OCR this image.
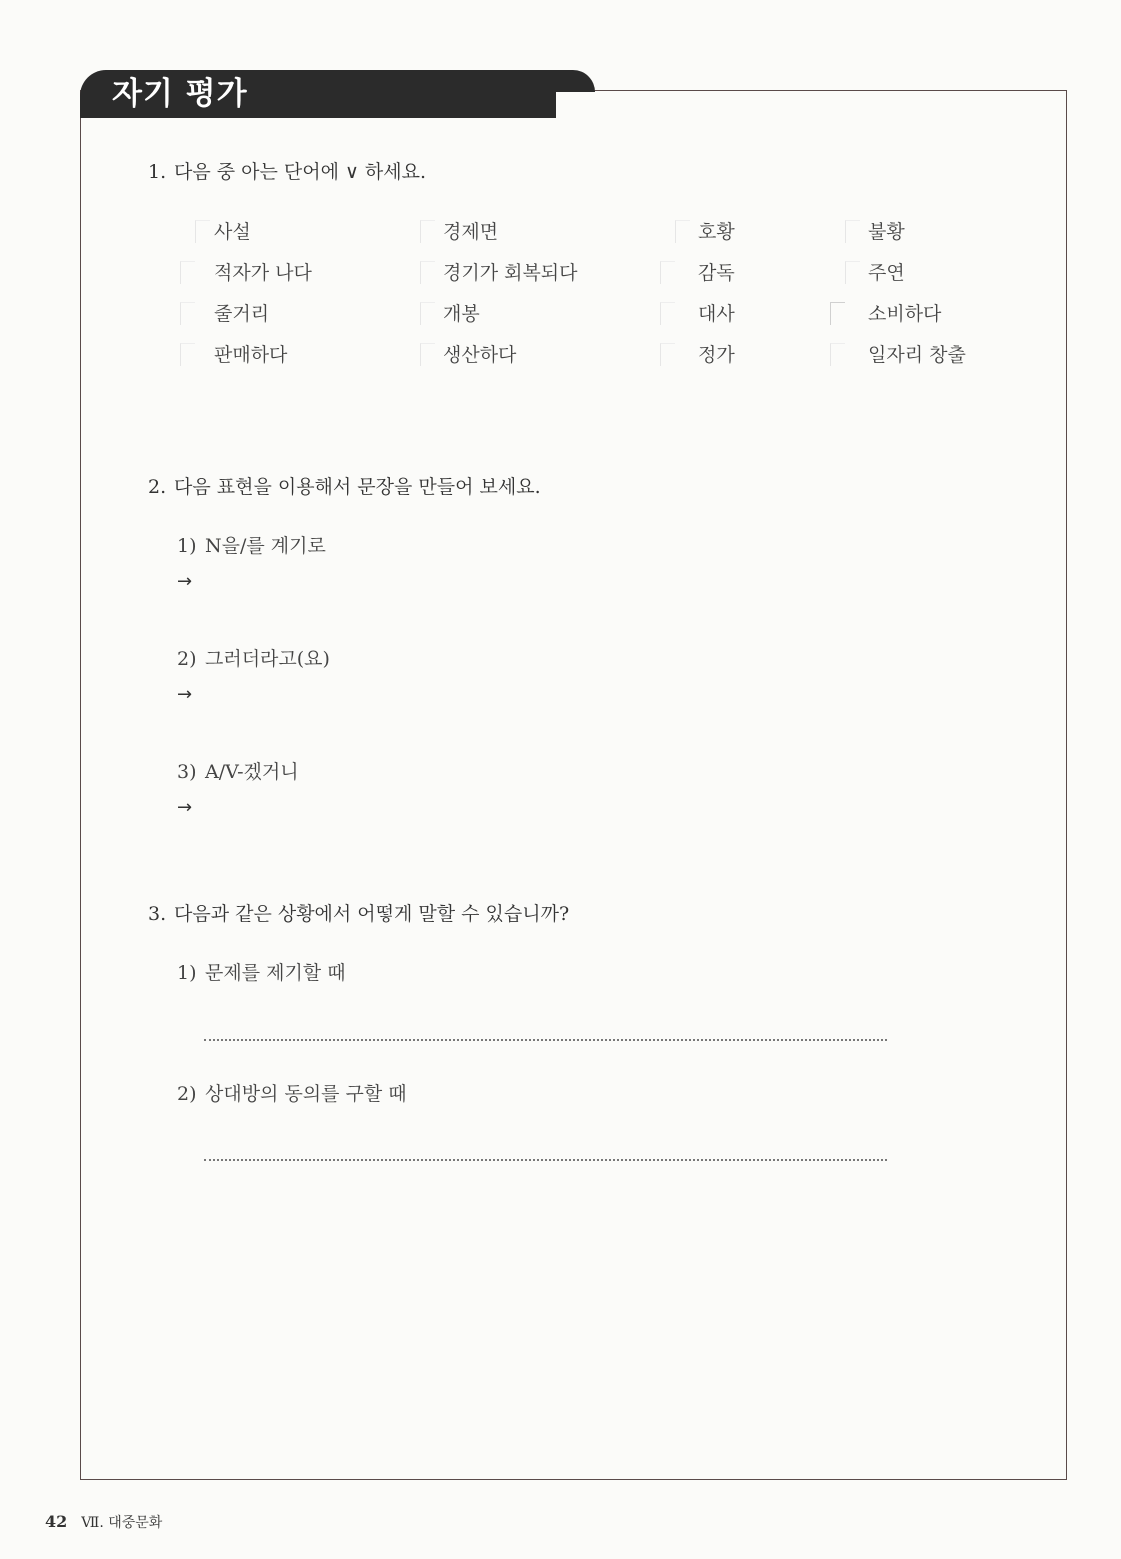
자기 평가
1. 다음 중 아는 단어에 ∨ 하세요.
사설	경제면	호황	불황
적자가 나다	경기가 회복되다	감독	주연
줄거리	개봉	대사	소비하다
판매하다	생산하다	정가	일자리 창출
2. 다음 표현을 이용해서 문장을 만들어 보세요.
1) N을/를 계기로
→
2) 그러더라고(요)
→
3) A/V-겠거니
→
3. 다음과 같은 상황에서 어떻게 말할 수 있습니까?
1) 문제를 제기할 때
2) 상대방의 동의를 구할 때
42 Ⅶ. 대중문화
